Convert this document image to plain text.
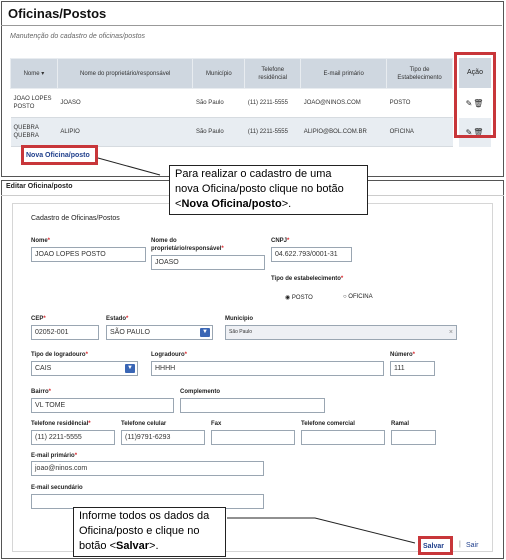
Oficinas/Postos
Manutenção do cadastro de oficinas/postos
Nome ▾	Nome do proprietário/responsável	Município	Telefone residêncial	E-mail primário	Tipo de Estabelecimento
JOAO LOPES POSTO	JOASO	São Paulo	(11) 2211-5555	JOAO@NINOS.COM	POSTO
QUEBRA QUEBRA	ALIPIO	São Paulo	(11) 2211-5555	ALIPIO@BOL.COM.BR	OFICINA
Ação
✎🗑
✎🗑
Nova Oficina/posto
Editar Oficina/posto
Cadastro de Oficinas/Postos
Nome*
JOAO LOPES POSTO
Nome do
proprietário/responsável*
JOASO
CNPJ*
04.622.793/0001-31
Tipo de estabelecimento*
◉ POSTO	○ OFICINA
CEP*
02052-001
Estado*
SÃO PAULO	▼
Município
São Paulo	×
Tipo de logradouro*
CAIS	▼
Logradouro*
HHHH
Número*
111
Bairro*
VL TOME
Complemento
Telefone residêncial*
(11) 2211-5555
Telefone celular
(11)9791-6293
Fax	Telefone comercial	Ramal
E-mail primário*
joao@ninos.com
E-mail secundário
Salvar | Sair
Para realizar o cadastro de uma
nova Oficina/posto clique no botão
<Nova Oficina/posto>.
Informe todos os dados da
Oficina/posto e clique no
botão <Salvar>.
